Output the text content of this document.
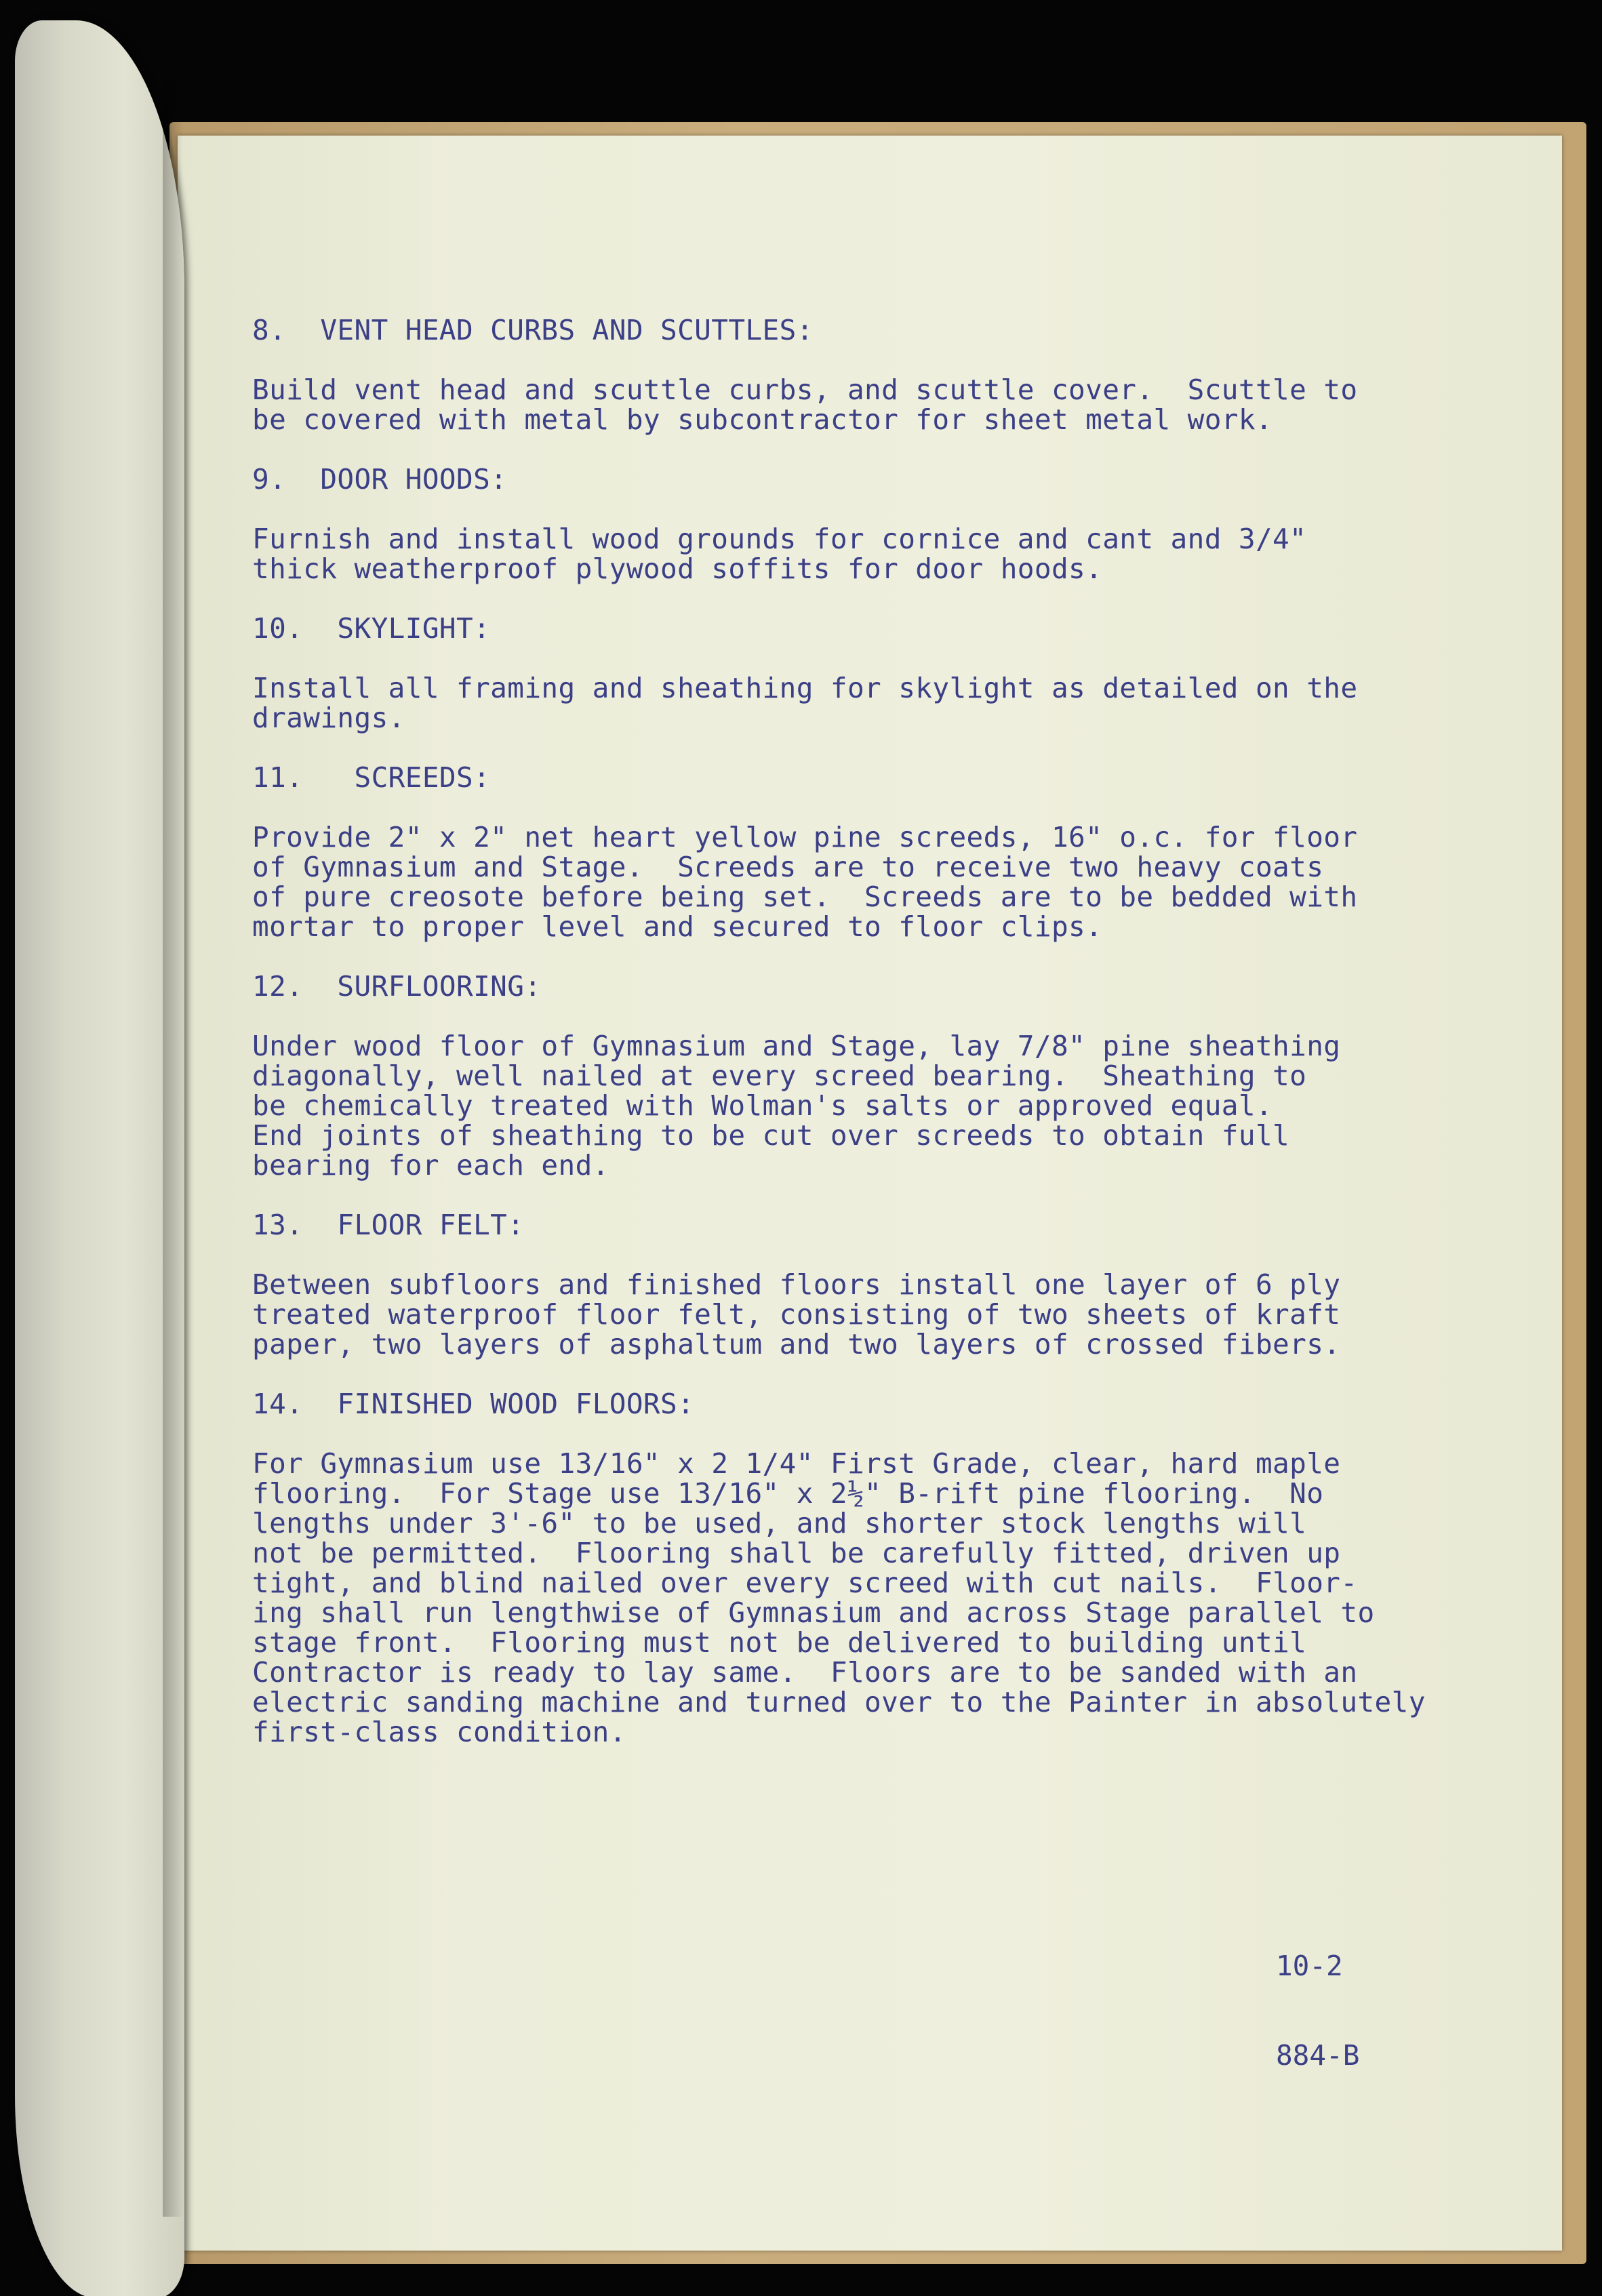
8.  VENT HEAD CURBS AND SCUTTLES:
Build vent head and scuttle curbs, and scuttle cover.  Scuttle to
be covered with metal by subcontractor for sheet metal work.
9.  DOOR HOODS:
Furnish and install wood grounds for cornice and cant and 3/4"
thick weatherproof plywood soffits for door hoods.
10.  SKYLIGHT:
Install all framing and sheathing for skylight as detailed on the
drawings.
11.   SCREEDS:
Provide 2" x 2" net heart yellow pine screeds, 16" o.c. for floor
of Gymnasium and Stage.  Screeds are to receive two heavy coats
of pure creosote before being set.  Screeds are to be bedded with
mortar to proper level and secured to floor clips.
12.  SURFLOORING:
Under wood floor of Gymnasium and Stage, lay 7/8" pine sheathing
diagonally, well nailed at every screed bearing.  Sheathing to
be chemically treated with Wolman's salts or approved equal.
End joints of sheathing to be cut over screeds to obtain full
bearing for each end.
13.  FLOOR FELT:
Between subfloors and finished floors install one layer of 6 ply
treated waterproof floor felt, consisting of two sheets of kraft
paper, two layers of asphaltum and two layers of crossed fibers.
14.  FINISHED WOOD FLOORS:
For Gymnasium use 13/16" x 2 1/4" First Grade, clear, hard maple
flooring.  For Stage use 13/16" x 2½" B-rift pine flooring.  No
lengths under 3'-6" to be used, and shorter stock lengths will
not be permitted.  Flooring shall be carefully fitted, driven up
tight, and blind nailed over every screed with cut nails.  Floor-
ing shall run lengthwise of Gymnasium and across Stage parallel to
stage front.  Flooring must not be delivered to building until
Contractor is ready to lay same.  Floors are to be sanded with an
electric sanding machine and turned over to the Painter in absolutely
first-class condition.

10-2

884-B
